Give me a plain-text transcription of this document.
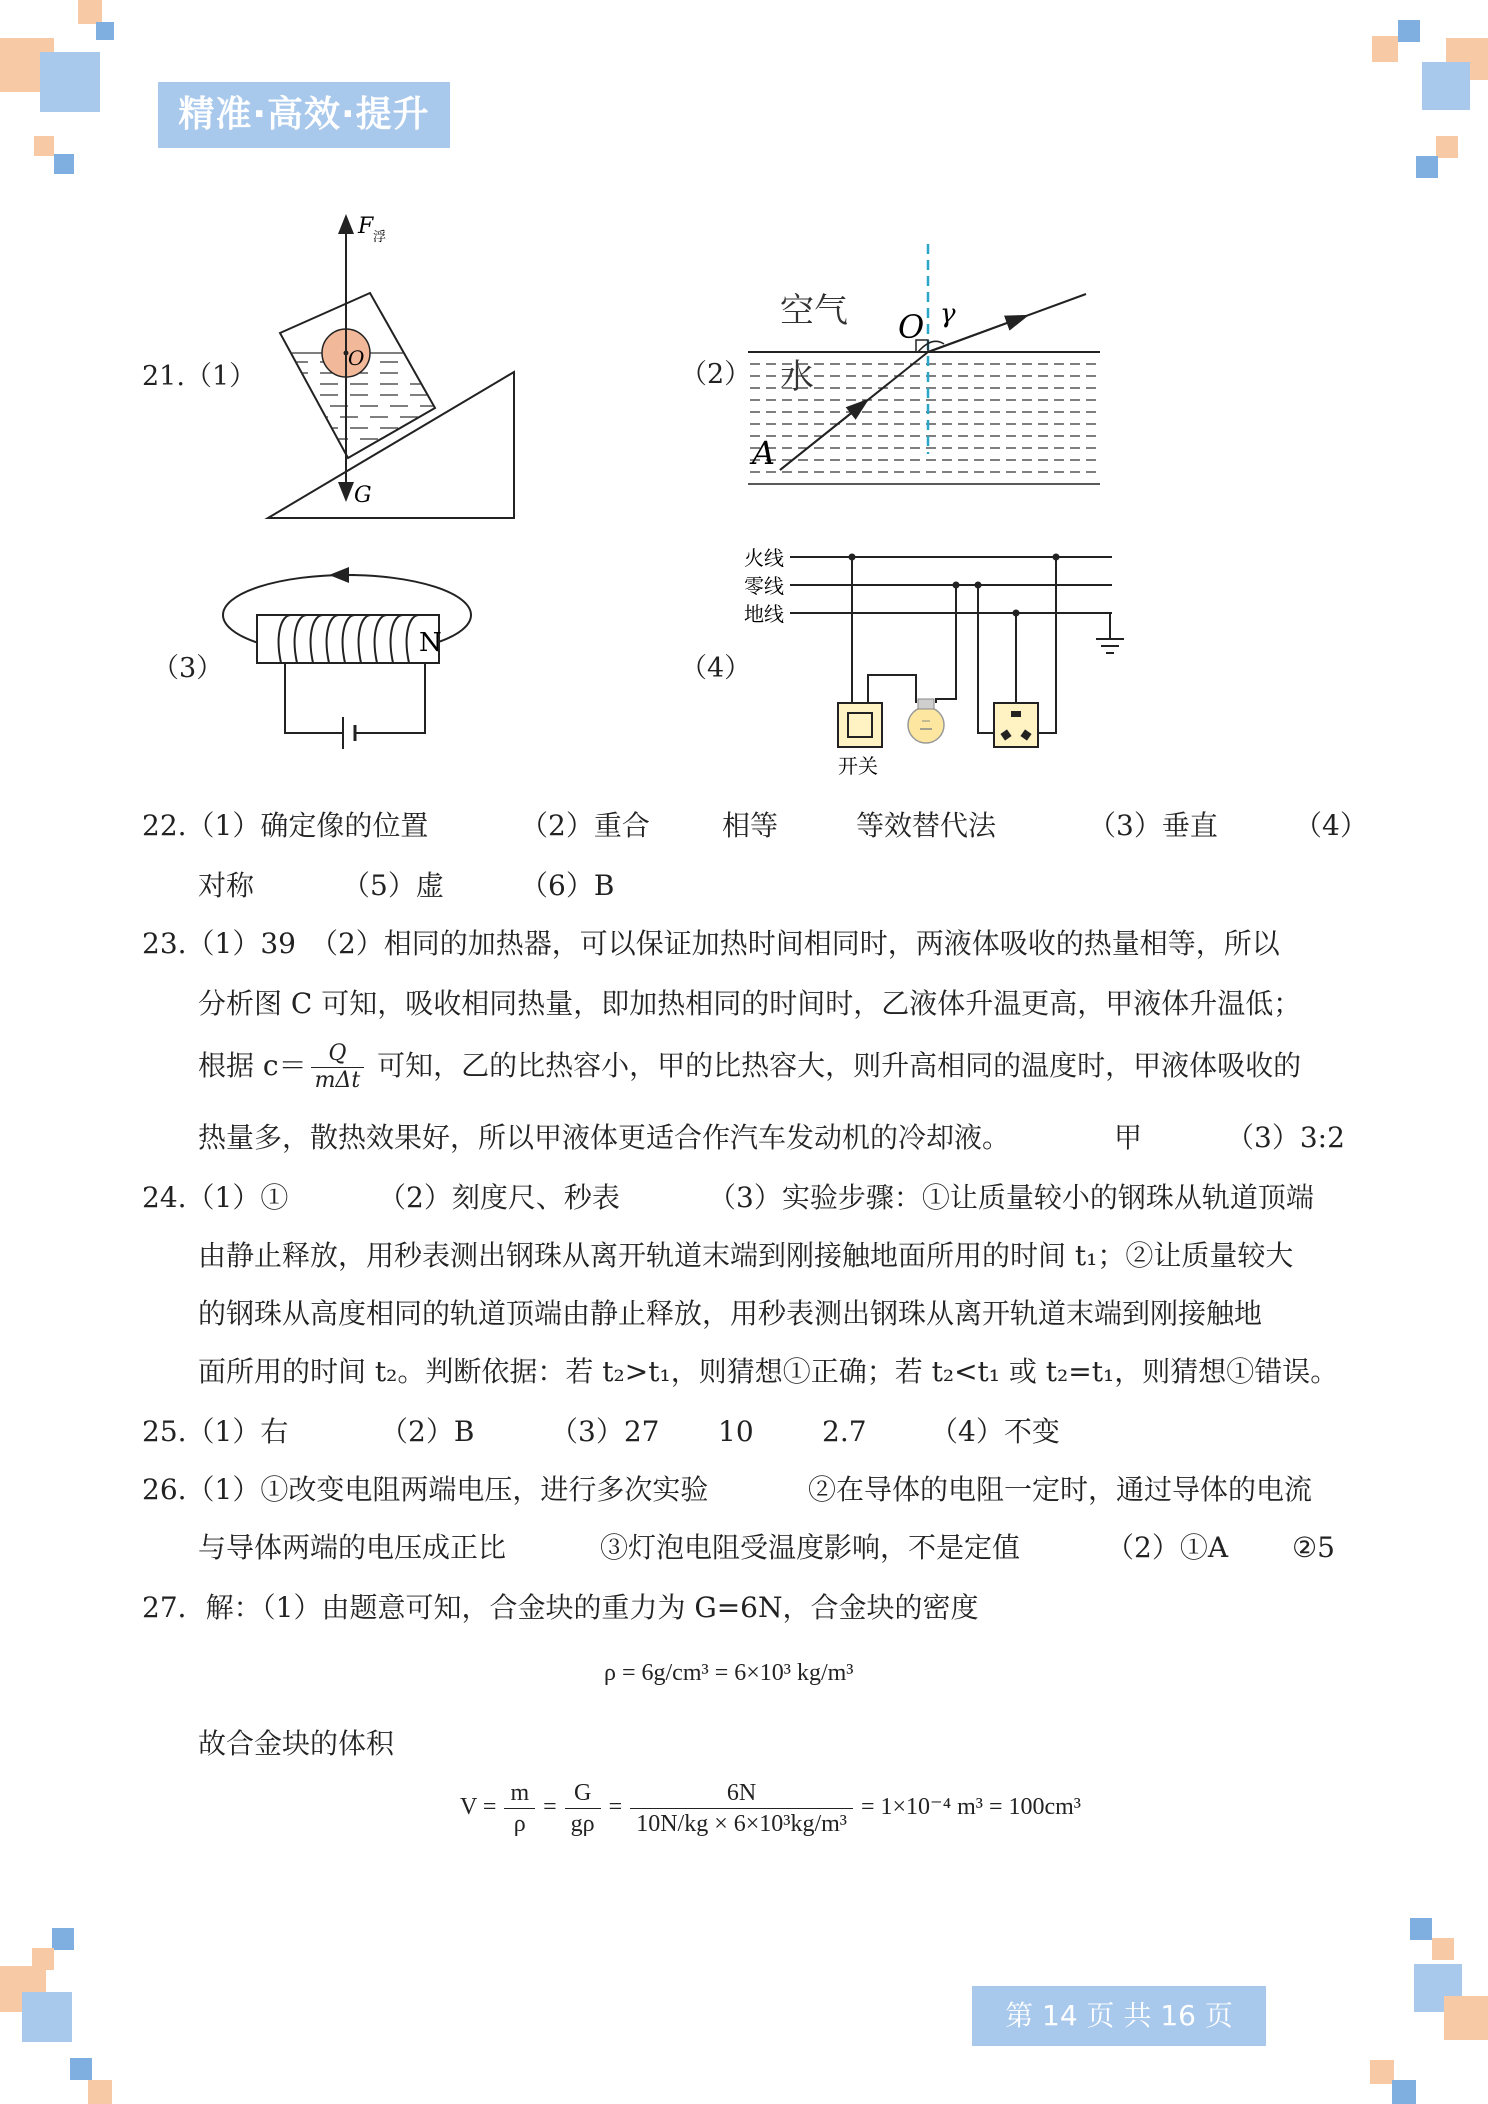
精准·高效·提升
21.（1）	（2）
（3）	（4）
F 浮
O
G
空气
水
O γ
A
N
火线
零线
地线
开关
22.（1）确定像的位置	（2）重合	相等	等效替代法	（3）垂直	（4）
对称	（5）虚	（6）B
23.（1）39　（2）相同的加热器，可以保证加热时间相同时，两液体吸收的热量相等，所以
分析图 C 可知，吸收相同热量，即加热相同的时间时，乙液体升温更高，甲液体升温低；
根据 $c= \frac{Q}{\text{mΔt}}$ 可知，乙的比热容小，甲的比热容大，则升高相同的温度时，甲液体吸收的
热量多，散热效果好，所以甲液体更适合作汽车发动机的冷却液。	甲	（3）3:2
24.（1）①	（2）刻度尺、秒表	（3）实验步骤：①让质量较小的钢珠从轨道顶端
由静止释放，用秒表测出钢珠从离开轨道末端到刚接触地面所用的时间 t₁；②让质量较大
的钢珠从高度相同的轨道顶端由静止释放，用秒表测出钢珠从离开轨道末端到刚接触地
面所用的时间 t₂。判断依据：若 t₂>t₁，则猜想①正确；若 t₂<t₁ 或 t₂=t₁，则猜想①错误。
25.（1）右	（2）B	（3）27 10 2.7 （4）不变
26.（1）①改变电阻两端电压，进行多次实验	②在导体的电阻一定时，通过导体的电流
与导体两端的电压成正比	③灯泡电阻受温度影响，不是定值	（2）①A ②5
27．解：（1）由题意可知，合金块的重力为 G=6N，合金块的密度
ρ = 6g/cm³ = 6×10³ kg/m³
故合金块的体积
$V = \frac{m}{\rho} = \frac{G}{g\rho} = \frac{6N}{\text{10N/kg × 6×10³kg/m³}} = 1\times 10^{-4}$ m³ = 100cm³
第 14 页 共 16 页
